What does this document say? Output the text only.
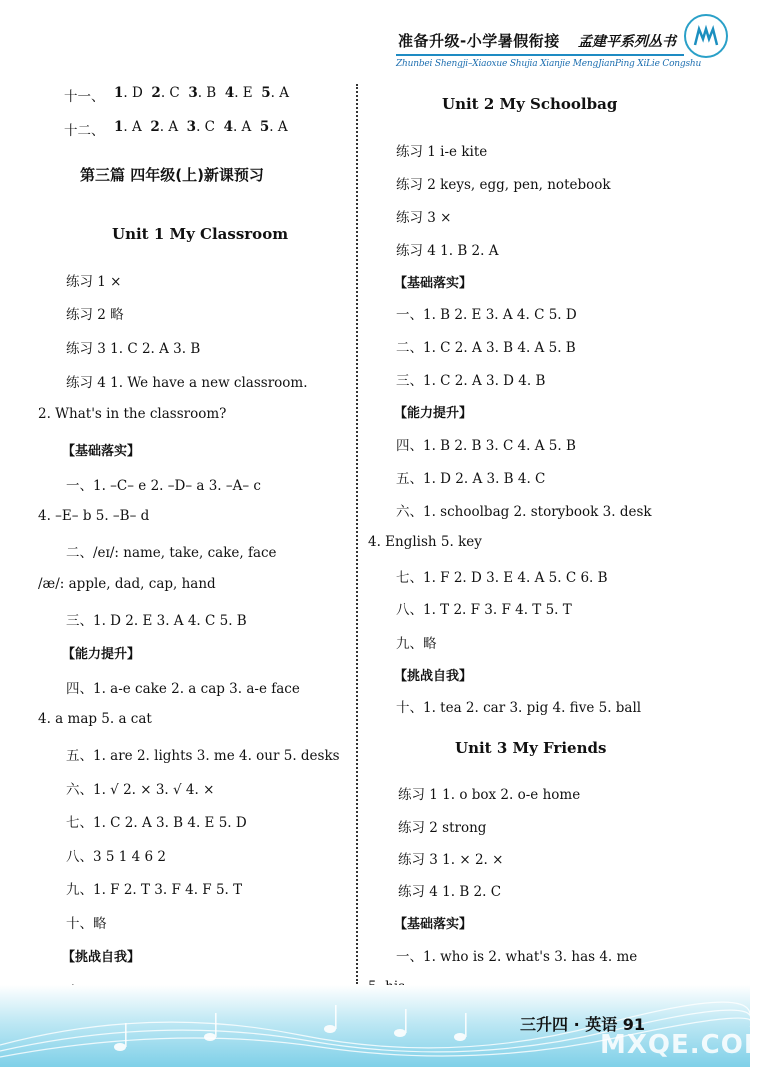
准备升级-小学暑假衔接 孟建平系列丛书
Zhunbei Shengji–Xiaoxue Shujia Xianjie MengJianPing XiLie Congshu
十一、 1. D  2. C  3. B  4. E  5. A
十二、 1. A  2. A  3. C  4. A  5. A
第三篇 四年级(上)新课预习
Unit 1 My Classroom
练习 1 ×
练习 2 略
练习 3 1. C 2. A 3. B
练习 4 1. We have a new classroom.
2. What's in the classroom?
【基础落实】
一、1. –C– e 2. –D– a 3. –A– c
4. –E– b 5. –B– d
二、/eɪ/: name, take, cake, face
/æ/: apple, dad, cap, hand
三、1. D 2. E 3. A 4. C 5. B
【能力提升】
四、1. a-e cake 2. a cap 3. a-e face
4. a map 5. a cat
五、1. are 2. lights 3. me 4. our 5. desks
六、1. √ 2. × 3. √ 4. ×
七、1. C 2. A 3. B 4. E 5. D
八、3 5 1 4 6 2
九、1. F 2. T 3. F 4. F 5. T
十、略
【挑战自我】
Unit 2 My Schoolbag
练习 1 i-e kite
练习 2 keys, egg, pen, notebook
练习 3 ×
练习 4 1. B 2. A
【基础落实】
一、1. B 2. E 3. A 4. C 5. D
二、1. C 2. A 3. B 4. A 5. B
三、1. C 2. A 3. D 4. B
【能力提升】
四、1. B 2. B 3. C 4. A 5. B
五、1. D 2. A 3. B 4. C
六、1. schoolbag 2. storybook 3. desk
4. English 5. key
七、1. F 2. D 3. E 4. A 5. C 6. B
八、1. T 2. F 3. F 4. T 5. T
九、略
【挑战自我】
十、1. tea 2. car 3. pig 4. five 5. ball
Unit 3 My Friends
练习 1 1. o box 2. o-e home
练习 2 strong
练习 3 1. × 2. ×
练习 4 1. B 2. C
【基础落实】
一、1. who is 2. what's 3. has 4. me
三升四 · 英语 91
MXQE.COM
